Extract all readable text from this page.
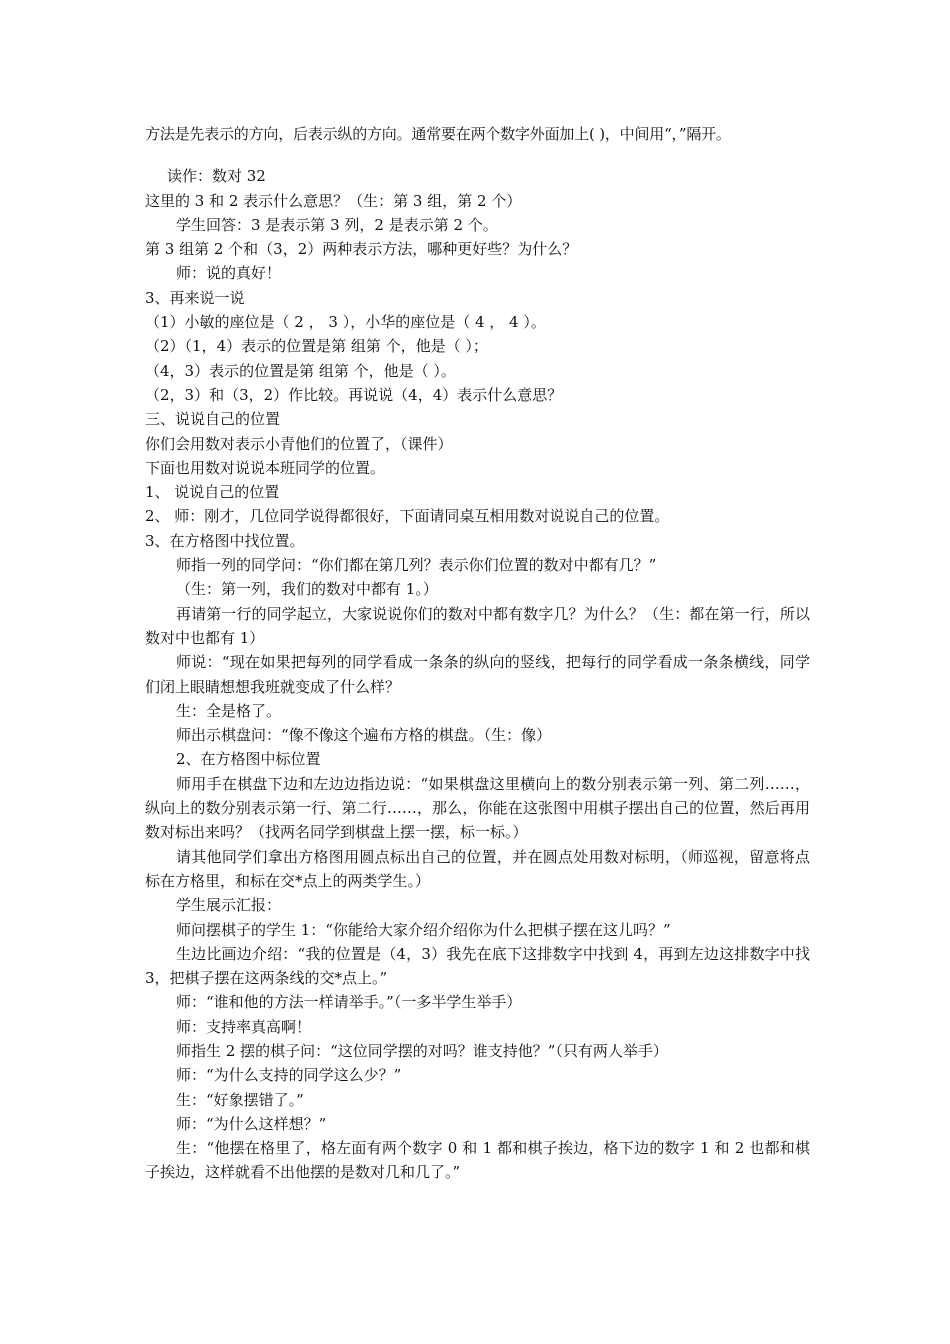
方法是先表示的方向，后表示纵的方向。通常要在两个数字外面加上( )，中间用“，”隔开。
读作：数对 32
这里的 3 和 2 表示什么意思？（生：第 3 组，第 2 个）
学生回答：3 是表示第 3 列，2 是表示第 2 个。
第 3 组第 2 个和（3，2）两种表示方法，哪种更好些？为什么？
师：说的真好！
3、再来说一说
（1）小敏的座位是（ 2 ， 3 ），小华的座位是（ 4 ， 4 ）。
（2）（1，4）表示的位置是第 组第 个，他是（ ）；
（4，3）表示的位置是第 组第 个，他是（ ）。
（2，3）和（3，2）作比较。再说说（4，4）表示什么意思？
三、说说自己的位置
你们会用数对表示小青他们的位置了，（课件）
下面也用数对说说本班同学的位置。
1、 说说自己的位置
2、 师：刚才，几位同学说得都很好，下面请同桌互相用数对说说自己的位置。
3、在方格图中找位置。
师指一列的同学问：“你们都在第几列？表示你们位置的数对中都有几？”
（生：第一列，我们的数对中都有 1。）
再请第一行的同学起立，大家说说你们的数对中都有数字几？为什么？（生：都在第一行，所以数对中也都有 1）
师说：“现在如果把每列的同学看成一条条的纵向的竖线，把每行的同学看成一条条横线，同学们闭上眼睛想想我班就变成了什么样？
生：全是格了。
师出示棋盘问：“像不像这个遍布方格的棋盘。（生：像）
2、在方格图中标位置
师用手在棋盘下边和左边边指边说：“如果棋盘这里横向上的数分别表示第一列、第二列……，纵向上的数分别表示第一行、第二行……，那么，你能在这张图中用棋子摆出自己的位置，然后再用数对标出来吗？（找两名同学到棋盘上摆一摆，标一标。）
请其他同学们拿出方格图用圆点标出自己的位置，并在圆点处用数对标明，（师巡视，留意将点标在方格里，和标在交*点上的两类学生。）
学生展示汇报：
师问摆棋子的学生 1：“你能给大家介绍介绍你为什么把棋子摆在这儿吗？”
生边比画边介绍：“我的位置是（4，3）我先在底下这排数字中找到 4，再到左边这排数字中找 3，把棋子摆在这两条线的交*点上。”
师：“谁和他的方法一样请举手。”（一多半学生举手）
师：支持率真高啊！
师指生 2 摆的棋子问：“这位同学摆的对吗？谁支持他？”（只有两人举手）
师：“为什么支持的同学这么少？”
生：“好象摆错了。”
师：“为什么这样想？”
生：“他摆在格里了，格左面有两个数字 0 和 1 都和棋子挨边，格下边的数字 1 和 2 也都和棋子挨边，这样就看不出他摆的是数对几和几了。”
